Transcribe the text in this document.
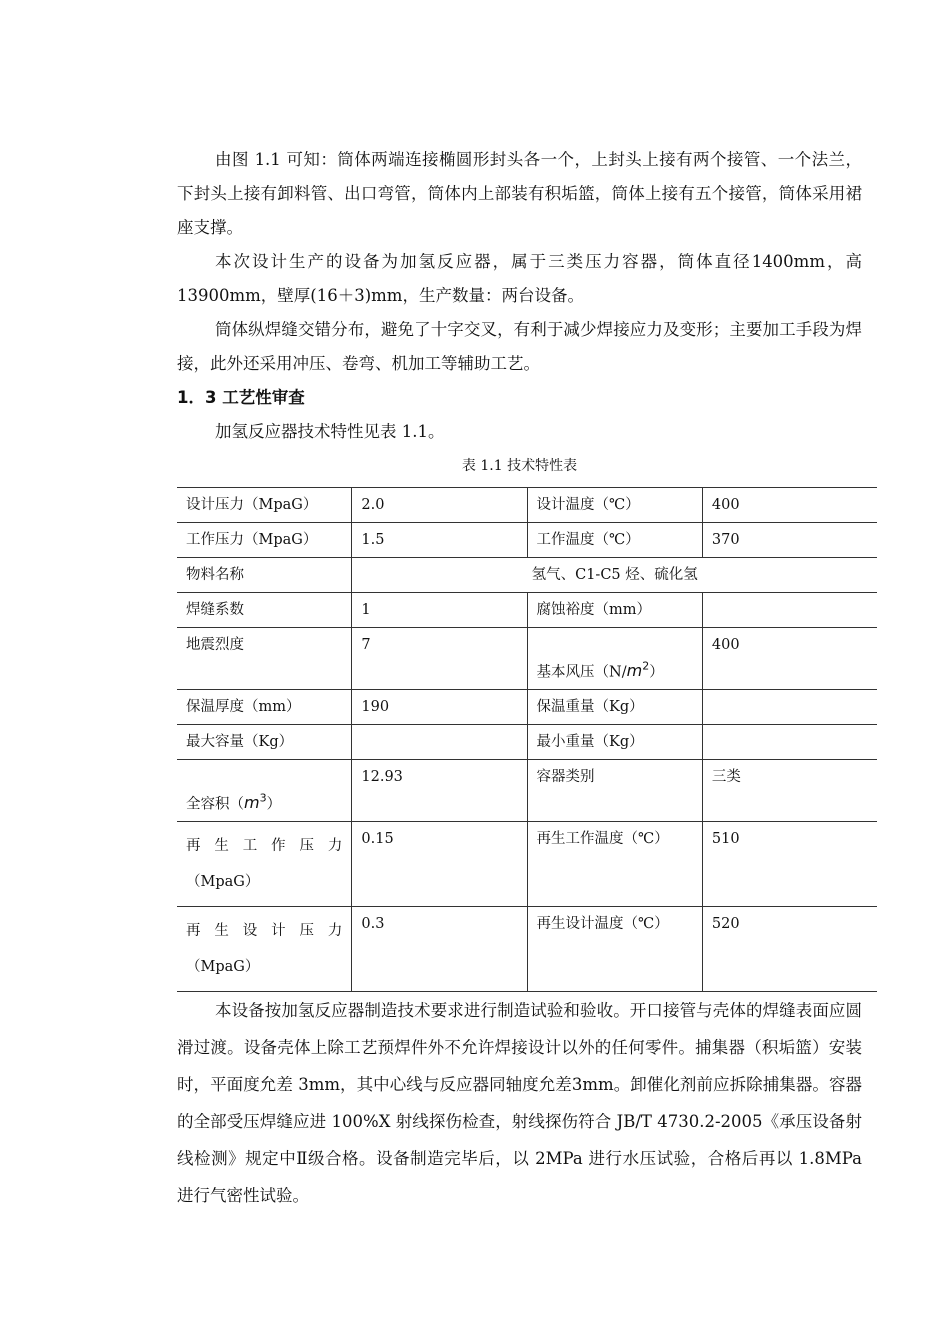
由图 1.1 可知：筒体两端连接椭圆形封头各一个，上封头上接有两个接管、一个法兰，下封头上接有卸料管、出口弯管，筒体内上部装有积垢篮，筒体上接有五个接管，筒体采用裙座支撑。

本次设计生产的设备为加氢反应器，属于三类压力容器，筒体直径1400mm，高 13900mm，壁厚(16＋3)mm，生产数量：两台设备。

筒体纵焊缝交错分布，避免了十字交叉，有利于减少焊接应力及变形；主要加工手段为焊接，此外还采用冲压、卷弯、机加工等辅助工艺。

1．3 工艺性审查

加氢反应器技术特性见表 1.1。

表 1.1 技术特性表

设计压力（MpaG）	2.0	设计温度（℃）	400
工作压力（MpaG）	1.5	工作温度（℃）	370
物料名称	氢气、C1-C5 烃、硫化氢		
焊缝系数	1	腐蚀裕度（mm）	
地震烈度	7	基本风压$(N/m^2)$	400
保温厚度（mm）	190	保温重量（Kg）	
最大容量（Kg）		最小重量（Kg）	
全容积$(m^3)$	12.93	容器类别	三类

再生工作压力
（MpaG）	0.15	再生工作温度（℃）	510

再生设计压力
（MpaG）	0.3	再生设计温度（℃）	520

本设备按加氢反应器制造技术要求进行制造试验和验收。开口接管与壳体的焊缝表面应圆滑过渡。设备壳体上除工艺预焊件外不允许焊接设计以外的任何零件。捕集器（积垢篮）安装时，平面度允差 3mm，其中心线与反应器同轴度允差3mm。卸催化剂前应拆除捕集器。容器的全部受压焊缝应进 100%X 射线探伤检查，射线探伤符合 JB/T 4730.2-2005《承压设备射线检测》规定中Ⅱ级合格。设备制造完毕后，以 2MPa 进行水压试验，合格后再以 1.8MPa 进行气密性试验。
